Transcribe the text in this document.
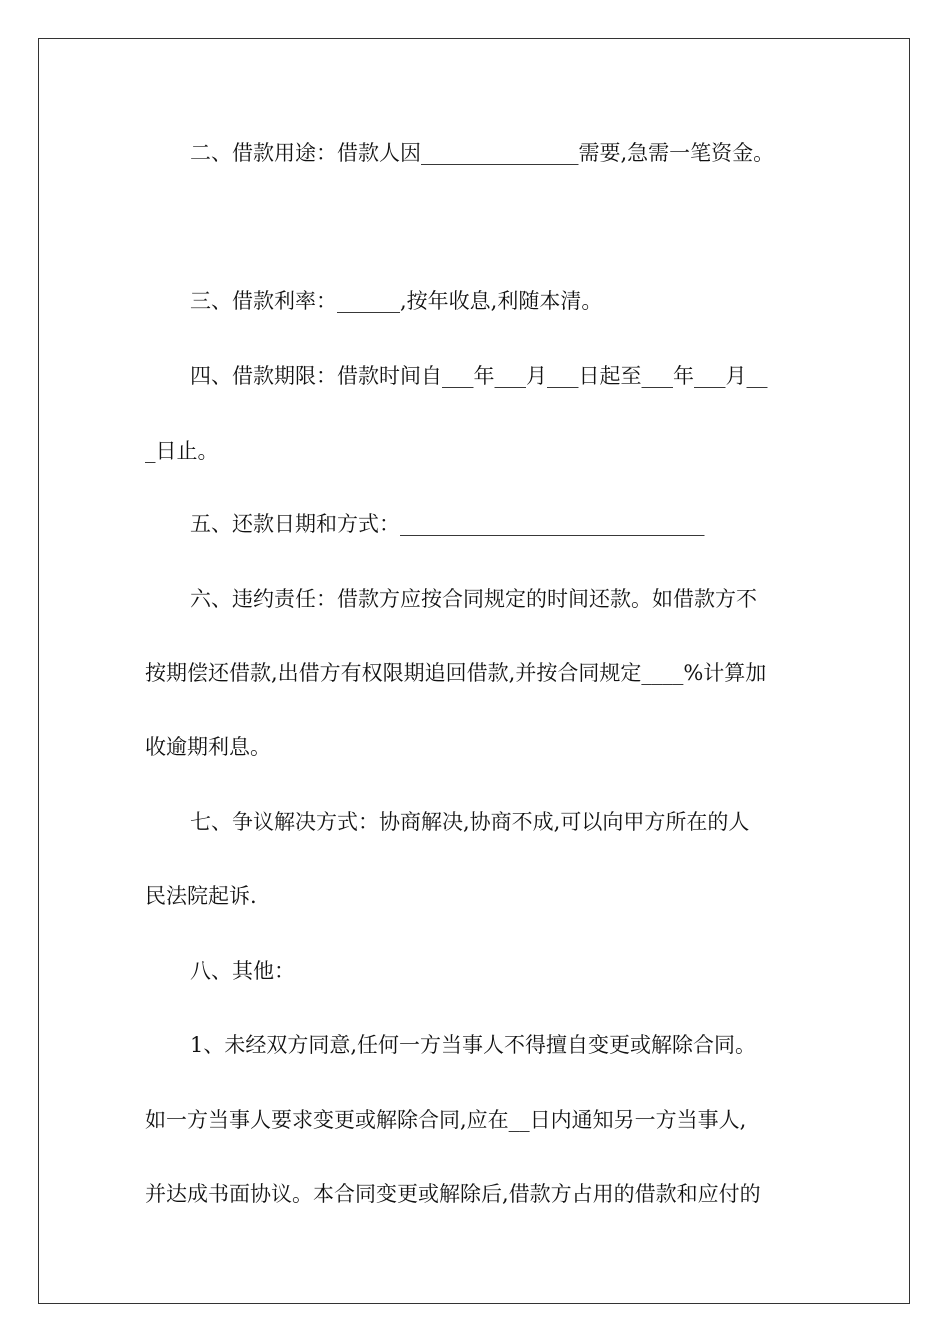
二、借款用途：借款人因_______________需要,急需一笔资金。
三、借款利率：______,按年收息,利随本清。
四、借款期限：借款时间自___年___月___日起至___年___月__
_日止。
五、还款日期和方式：_____________________________
六、违约责任：借款方应按合同规定的时间还款。如借款方不
按期偿还借款,出借方有权限期追回借款,并按合同规定____%计算加
收逾期利息。
七、争议解决方式：协商解决,协商不成,可以向甲方所在的人
民法院起诉.
八、其他：
1、未经双方同意,任何一方当事人不得擅自变更或解除合同。
如一方当事人要求变更或解除合同,应在__日内通知另一方当事人,
并达成书面协议。本合同变更或解除后,借款方占用的借款和应付的
